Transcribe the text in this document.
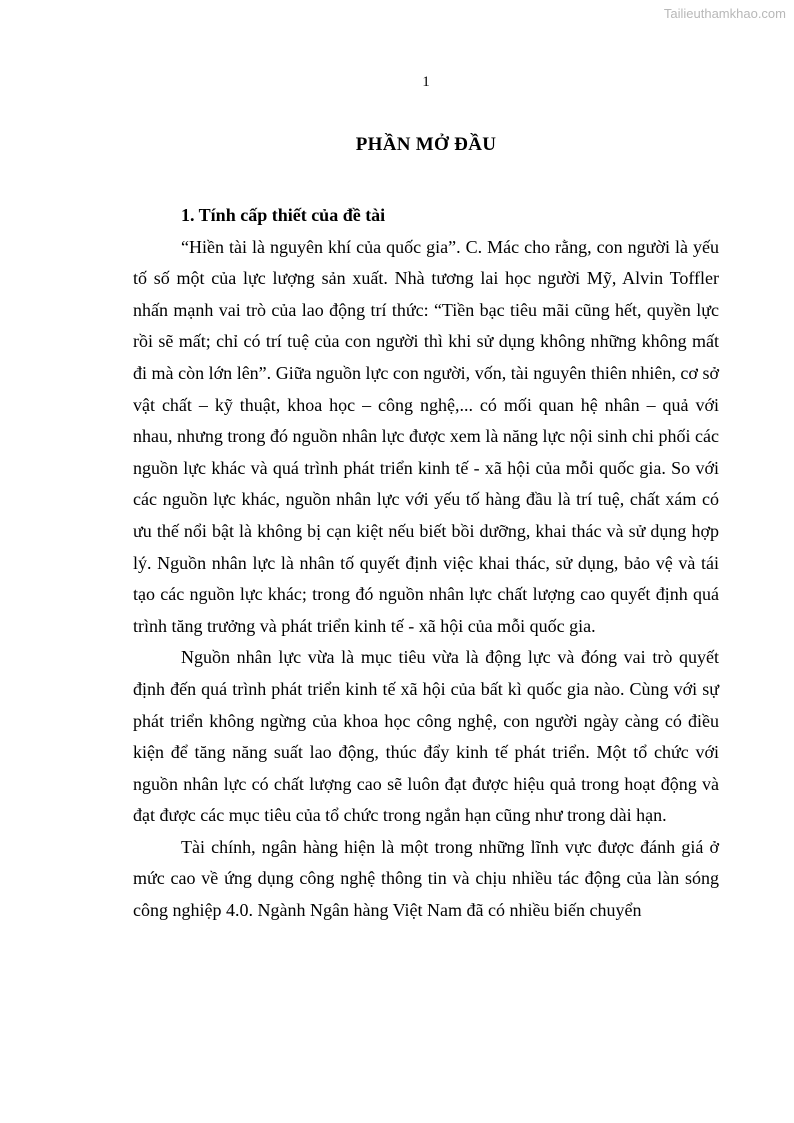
Tailieuthamkhao.com
1
PHẦN MỞ ĐẦU
1. Tính cấp thiết của đề tài

“Hiền tài là nguyên khí của quốc gia”. C. Mác cho rằng, con người là yếu tố số một của lực lượng sản xuất. Nhà tương lai học người Mỹ, Alvin Toffler nhấn mạnh vai trò của lao động trí thức: “Tiền bạc tiêu mãi cũng hết, quyền lực rồi sẽ mất; chỉ có trí tuệ của con người thì khi sử dụng không những không mất đi mà còn lớn lên”. Giữa nguồn lực con người, vốn, tài nguyên thiên nhiên, cơ sở vật chất – kỹ thuật, khoa học – công nghệ,... có mối quan hệ nhân – quả với nhau, nhưng trong đó nguồn nhân lực được xem là năng lực nội sinh chi phối các nguồn lực khác và quá trình phát triển kinh tế - xã hội của mỗi quốc gia. So với các nguồn lực khác, nguồn nhân lực với yếu tố hàng đầu là trí tuệ, chất xám có ưu thế nổi bật là không bị cạn kiệt nếu biết bồi dưỡng, khai thác và sử dụng hợp lý. Nguồn nhân lực là nhân tố quyết định việc khai thác, sử dụng, bảo vệ và tái tạo các nguồn lực khác; trong đó nguồn nhân lực chất lượng cao quyết định quá trình tăng trưởng và phát triển kinh tế - xã hội của mỗi quốc gia.

Nguồn nhân lực vừa là mục tiêu vừa là động lực và đóng vai trò quyết định đến quá trình phát triển kinh tế xã hội của bất kì quốc gia nào. Cùng với sự phát triển không ngừng của khoa học công nghệ, con người ngày càng có điều kiện để tăng năng suất lao động, thúc đẩy kinh tế phát triển. Một tổ chức với nguồn nhân lực có chất lượng cao sẽ luôn đạt được hiệu quả trong hoạt động và đạt được các mục tiêu của tổ chức trong ngắn hạn cũng như trong dài hạn.

Tài chính, ngân hàng hiện là một trong những lĩnh vực được đánh giá ở mức cao về ứng dụng công nghệ thông tin và chịu nhiều tác động của làn sóng công nghiệp 4.0. Ngành Ngân hàng Việt Nam đã có nhiều biến chuyển
